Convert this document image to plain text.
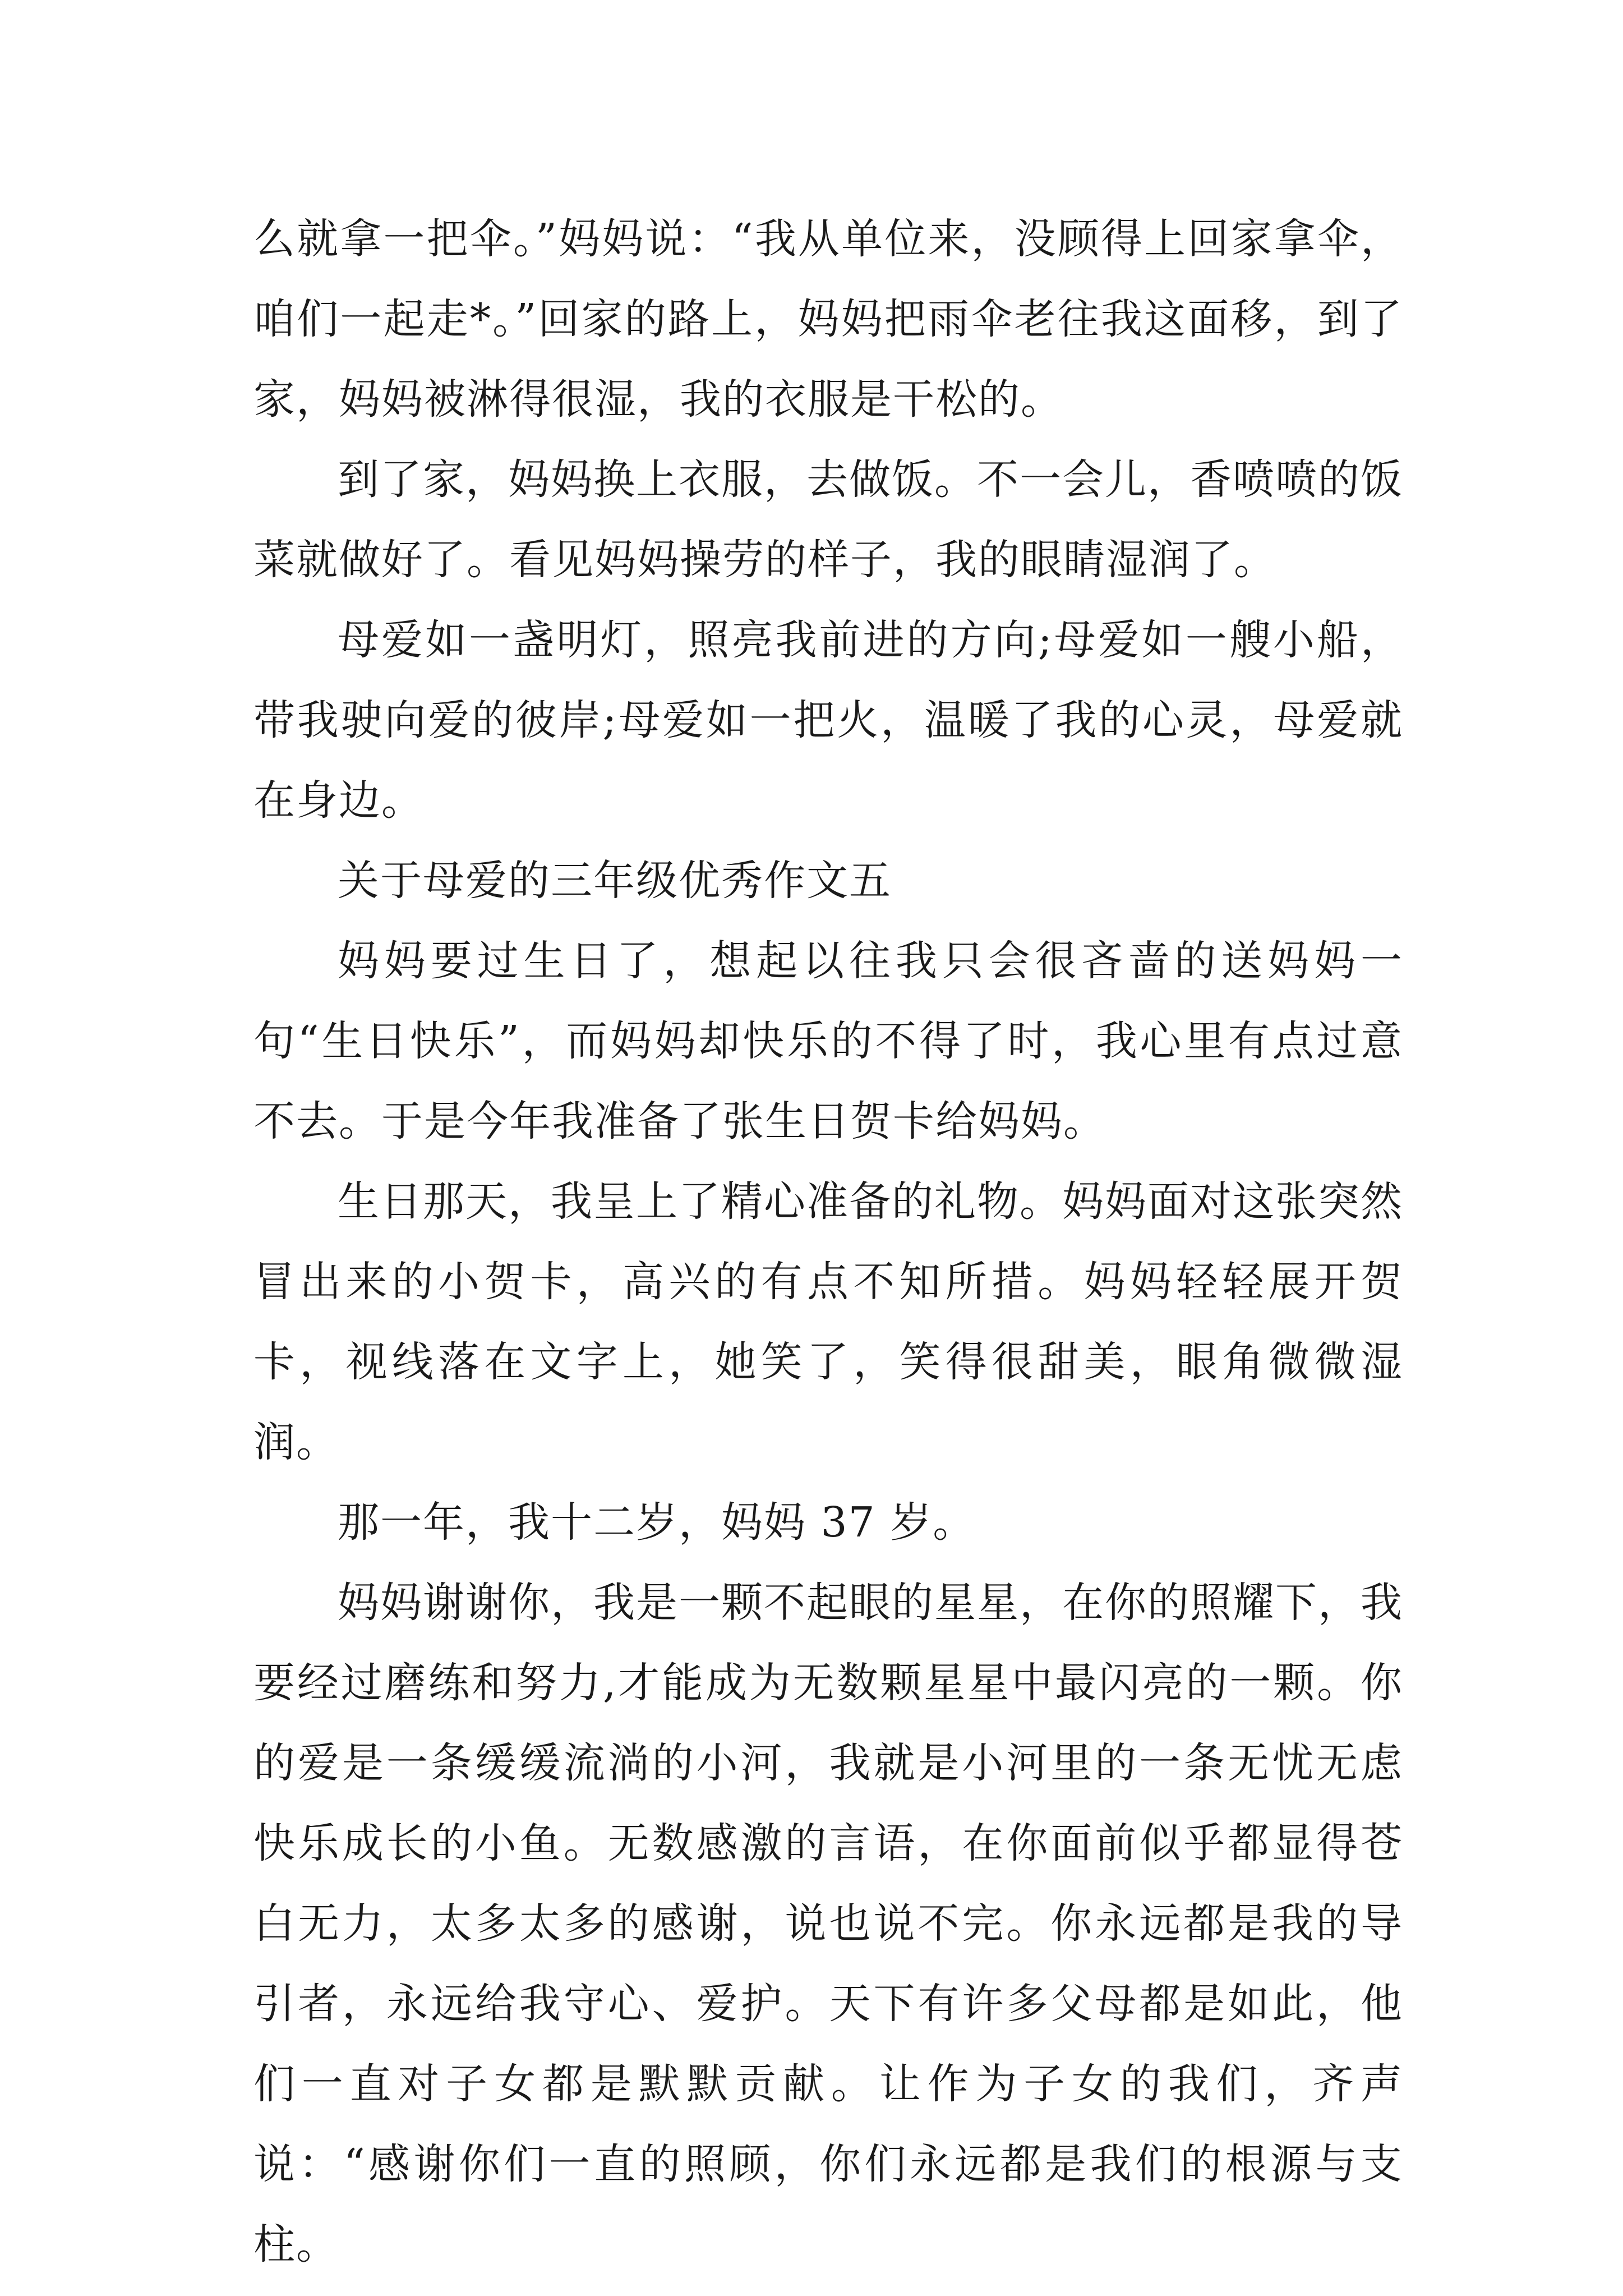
么就拿一把伞。”妈妈说：“我从单位来，没顾得上回家拿伞，咱们一起走*。”回家的路上，妈妈把雨伞老往我这面移，到了家，妈妈被淋得很湿，我的衣服是干松的。

到了家，妈妈换上衣服，去做饭。不一会儿，香喷喷的饭菜就做好了。看见妈妈操劳的样子，我的眼睛湿润了。

母爱如一盏明灯，照亮我前进的方向;母爱如一艘小船，带我驶向爱的彼岸;母爱如一把火，温暖了我的心灵，母爱就在身边。

关于母爱的三年级优秀作文五

妈妈要过生日了，想起以往我只会很吝啬的送妈妈一句“生日快乐”，而妈妈却快乐的不得了时，我心里有点过意不去。于是今年我准备了张生日贺卡给妈妈。

生日那天，我呈上了精心准备的礼物。妈妈面对这张突然冒出来的小贺卡，高兴的有点不知所措。妈妈轻轻展开贺卡，视线落在文字上，她笑了，笑得很甜美，眼角微微湿润。

那一年，我十二岁，妈妈 37 岁。

妈妈谢谢你，我是一颗不起眼的星星，在你的照耀下，我要经过磨练和努力,才能成为无数颗星星中最闪亮的一颗。你的爱是一条缓缓流淌的小河，我就是小河里的一条无忧无虑快乐成长的小鱼。无数感激的言语，在你面前似乎都显得苍白无力，太多太多的感谢，说也说不完。你永远都是我的导引者，永远给我守心、爱护。天下有许多父母都是如此，他们一直对子女都是默默贡献。让作为子女的我们，齐声说：“感谢你们一直的照顾，你们永远都是我们的根源与支柱。
